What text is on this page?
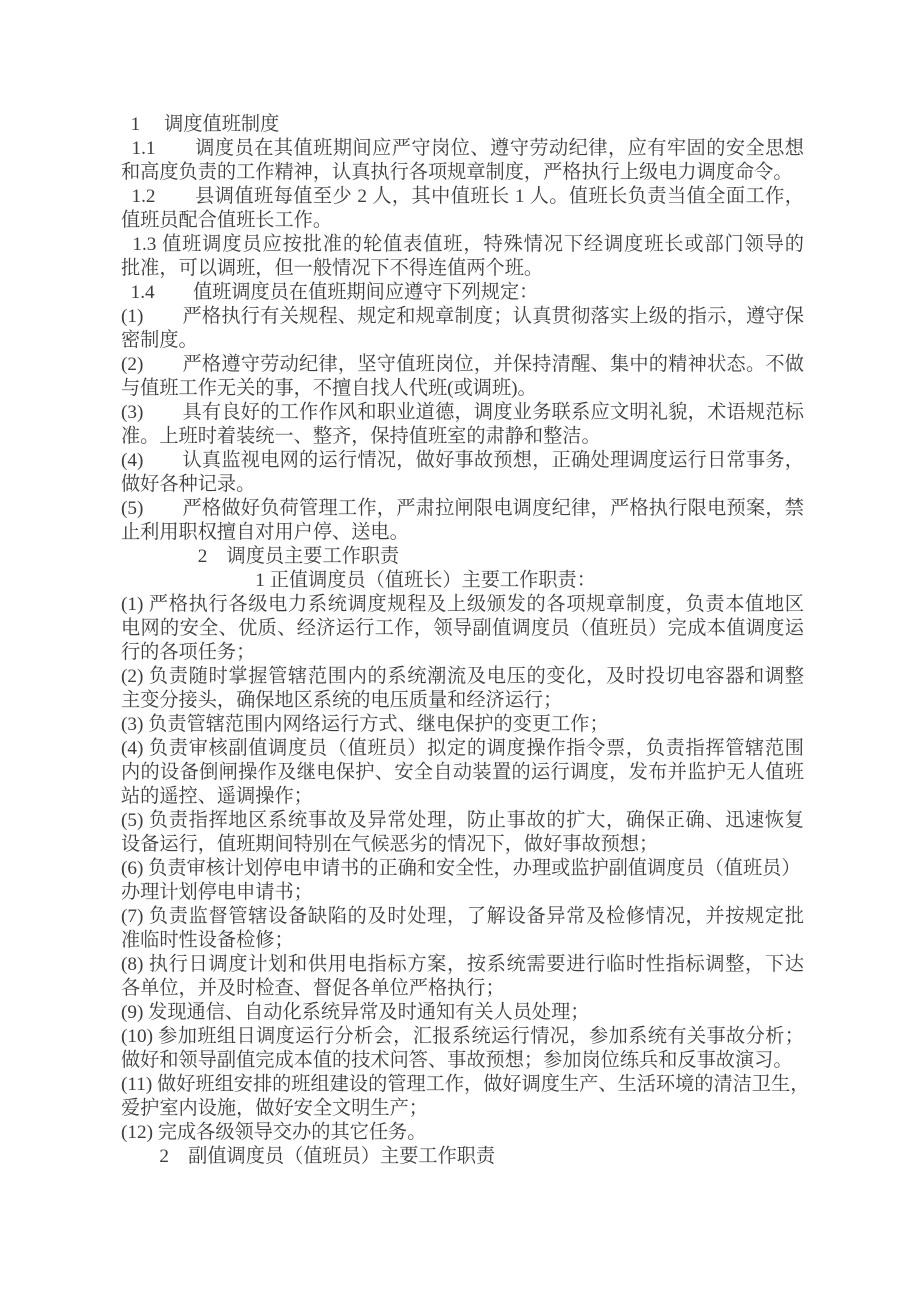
1　 调度值班制度
1.1　　调度员在其值班期间应严守岗位、遵守劳动纪律，应有牢固的安全思想
和高度负责的工作精神，认真执行各项规章制度，严格执行上级电力调度命令。
1.2　　县调值班每值至少 2 人，其中值班长 1 人。值班长负责当值全面工作，
值班员配合值班长工作。
1.3 值班调度员应按批准的轮值表值班，特殊情况下经调度班长或部门领导的
批准，可以调班，但一般情况下不得连值两个班。
1.4　　值班调度员在值班期间应遵守下列规定：
(1)　　严格执行有关规程、规定和规章制度；认真贯彻落实上级的指示，遵守保
密制度。
(2)　　严格遵守劳动纪律，坚守值班岗位，并保持清醒、集中的精神状态。不做
与值班工作无关的事，不擅自找人代班(或调班)。
(3)　　具有良好的工作作风和职业道德，调度业务联系应文明礼貌，术语规范标
准。上班时着装统一、整齐，保持值班室的肃静和整洁。
(4)　　认真监视电网的运行情况，做好事故预想，正确处理调度运行日常事务，
做好各种记录。
(5)　　严格做好负荷管理工作，严肃拉闸限电调度纪律，严格执行限电预案，禁
止利用职权擅自对用户停、送电。
　　　　2　调度员主要工作职责
　　　　　　　1 正值调度员（值班长）主要工作职责：
(1) 严格执行各级电力系统调度规程及上级颁发的各项规章制度，负责本值地区
电网的安全、优质、经济运行工作，领导副值调度员（值班员）完成本值调度运
行的各项任务；
(2) 负责随时掌握管辖范围内的系统潮流及电压的变化，及时投切电容器和调整
主变分接头，确保地区系统的电压质量和经济运行；
(3) 负责管辖范围内网络运行方式、继电保护的变更工作；
(4) 负责审核副值调度员（值班员）拟定的调度操作指令票，负责指挥管辖范围
内的设备倒闸操作及继电保护、安全自动装置的运行调度，发布并监护无人值班
站的遥控、遥调操作；
(5) 负责指挥地区系统事故及异常处理，防止事故的扩大，确保正确、迅速恢复
设备运行，值班期间特别在气候恶劣的情况下，做好事故预想；
(6) 负责审核计划停电申请书的正确和安全性，办理或监护副值调度员（值班员）
办理计划停电申请书；
(7) 负责监督管辖设备缺陷的及时处理，了解设备异常及检修情况，并按规定批
准临时性设备检修；
(8) 执行日调度计划和供用电指标方案，按系统需要进行临时性指标调整，下达
各单位，并及时检查、督促各单位严格执行；
(9) 发现通信、自动化系统异常及时通知有关人员处理；
(10) 参加班组日调度运行分析会，汇报系统运行情况，参加系统有关事故分析；
做好和领导副值完成本值的技术问答、事故预想；参加岗位练兵和反事故演习。
(11) 做好班组安排的班组建设的管理工作，做好调度生产、生活环境的清洁卫生，
爱护室内设施，做好安全文明生产；
(12) 完成各级领导交办的其它任务。
　　2　副值调度员（值班员）主要工作职责
